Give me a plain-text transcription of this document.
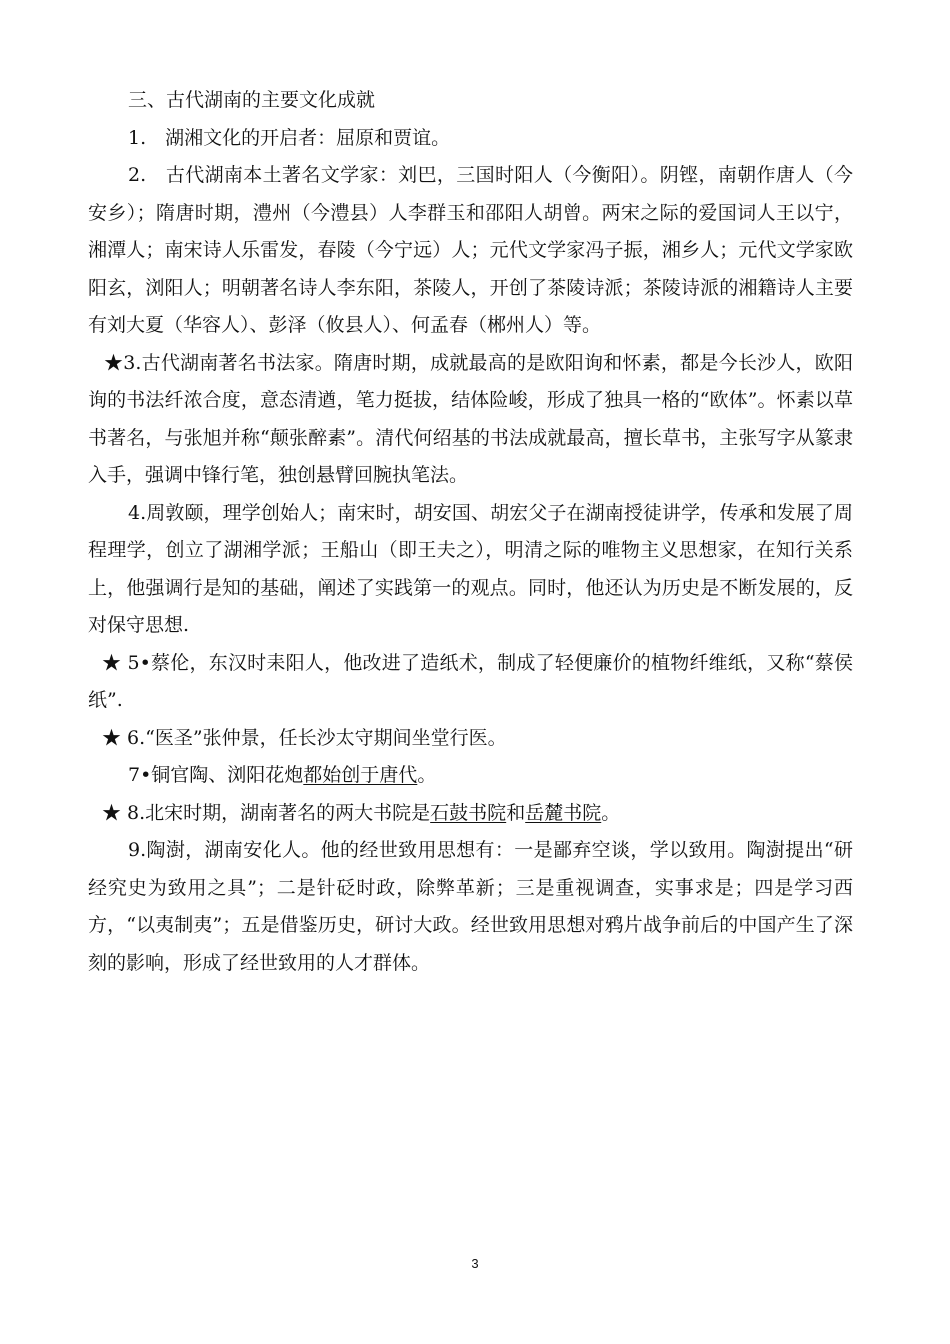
三、古代湖南的主要文化成就

1.　湖湘文化的开启者：屈原和贾谊。

2.　古代湖南本土著名文学家：刘巴，三国时阳人（今衡阳）。阴铿，南朝作唐人（今安乡）；隋唐时期，澧州（今澧县）人李群玉和邵阳人胡曾。两宋之际的爱国词人王以宁，湘潭人；南宋诗人乐雷发，春陵（今宁远）人；元代文学家冯子振，湘乡人；元代文学家欧阳玄，浏阳人；明朝著名诗人李东阳，茶陵人，开创了茶陵诗派；茶陵诗派的湘籍诗人主要有刘大夏（华容人）、彭泽（攸县人）、何孟春（郴州人）等。

★3.古代湖南著名书法家。隋唐时期，成就最高的是欧阳询和怀素，都是今长沙人，欧阳询的书法纤浓合度，意态清遒，笔力挺拔，结体险峻，形成了独具一格的“欧体”。怀素以草书著名，与张旭并称“颠张醉素”。清代何绍基的书法成就最高，擅长草书，主张写字从篆隶入手，强调中锋行笔，独创悬臂回腕执笔法。

4.周敦颐，理学创始人；南宋时，胡安国、胡宏父子在湖南授徒讲学，传承和发展了周程理学，创立了湖湘学派；王船山（即王夫之），明清之际的唯物主义思想家，在知行关系上，他强调行是知的基础，阐述了实践第一的观点。同时，他还认为历史是不断发展的，反对保守思想.

★ 5•蔡伦，东汉时耒阳人，他改进了造纸术，制成了轻便廉价的植物纤维纸，又称“蔡侯纸”.

★ 6.“医圣”张仲景，任长沙太守期间坐堂行医。

7•铜官陶、浏阳花炮都始创于唐代。

★ 8.北宋时期，湖南著名的两大书院是石鼓书院和岳麓书院。

9.陶澍，湖南安化人。他的经世致用思想有：一是鄙弃空谈，学以致用。陶澍提出“研经究史为致用之具”；二是针砭时政，除弊革新；三是重视调查，实事求是；四是学习西方，“以夷制夷”；五是借鉴历史，研讨大政。经世致用思想对鸦片战争前后的中国产生了深刻的影响，形成了经世致用的人才群体。

3
